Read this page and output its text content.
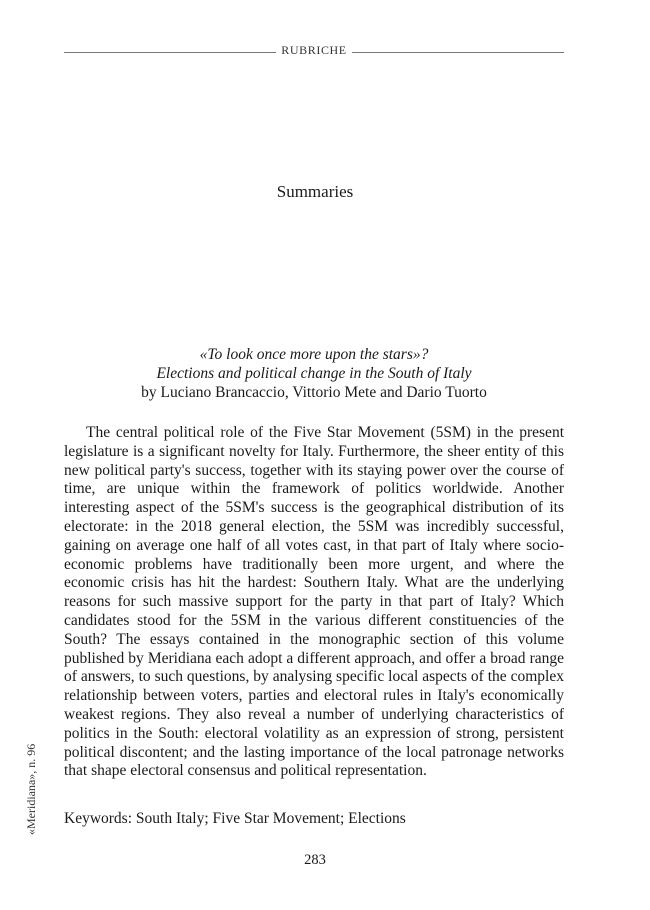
RUBRICHE
Summaries
«To look once more upon the stars»?
Elections and political change in the South of Italy
by Luciano Brancaccio, Vittorio Mete and Dario Tuorto

The central political role of the Five Star Movement (5SM) in the present legislature is a significant novelty for Italy. Furthermore, the sheer entity of this new political party's success, together with its staying power over the course of time, are unique within the framework of politics worldwide. Another interesting aspect of the 5SM's success is the geographical distribution of its electorate: in the 2018 general election, the 5SM was incredibly successful, gaining on average one half of all votes cast, in that part of Italy where socio-economic problems have traditionally been more urgent, and where the economic crisis has hit the hardest: Southern Italy. What are the underlying reasons for such massive support for the party in that part of Italy? Which candidates stood for the 5SM in the various different constituencies of the South? The essays contained in the monographic section of this volume published by Meridiana each adopt a different approach, and offer a broad range of answers, to such questions, by analysing specific local aspects of the complex relationship between voters, parties and electoral rules in Italy's economically weakest regions. They also reveal a number of underlying characteristics of politics in the South: electoral volatility as an expression of strong, persistent political discontent; and the lasting importance of the local patronage networks that shape electoral consensus and political representation.

Keywords: South Italy; Five Star Movement; Elections

283
«Meridiana», n. 96
